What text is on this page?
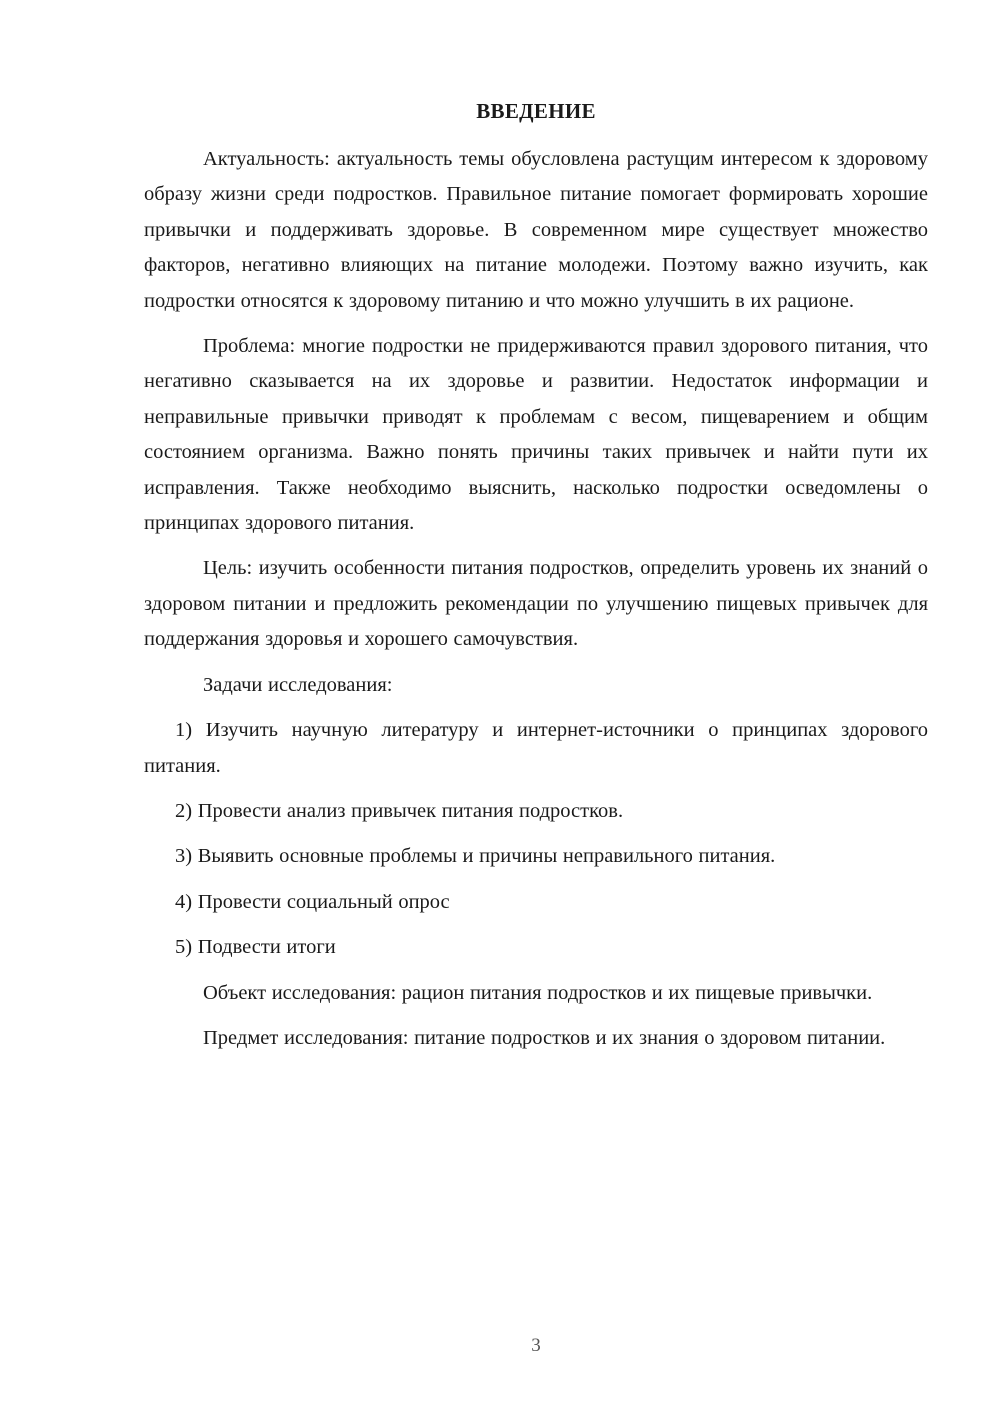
ВВЕДЕНИЕ

Актуальность: актуальность темы обусловлена растущим интересом к здоровому образу жизни среди подростков. Правильное питание помогает формировать хорошие привычки и поддерживать здоровье. В современном мире существует множество факторов, негативно влияющих на питание молодежи. Поэтому важно изучить, как подростки относятся к здоровому питанию и что можно улучшить в их рационе.

Проблема: многие подростки не придерживаются правил здорового питания, что негативно сказывается на их здоровье и развитии. Недостаток информации и неправильные привычки приводят к проблемам с весом, пищеварением и общим состоянием организма. Важно понять причины таких привычек и найти пути их исправления. Также необходимо выяснить, насколько подростки осведомлены о принципах здорового питания.

Цель: изучить особенности питания подростков, определить уровень их знаний о здоровом питании и предложить рекомендации по улучшению пищевых привычек для поддержания здоровья и хорошего самочувствия.

Задачи исследования:

1) Изучить научную литературу и интернет-источники о принципах здорового питания.

2) Провести анализ привычек питания подростков.

3) Выявить основные проблемы и причины неправильного питания.

4) Провести социальный опрос

5) Подвести итоги

Объект исследования: рацион питания подростков и их пищевые привычки.

Предмет исследования: питание подростков и их знания о здоровом питании.

3
